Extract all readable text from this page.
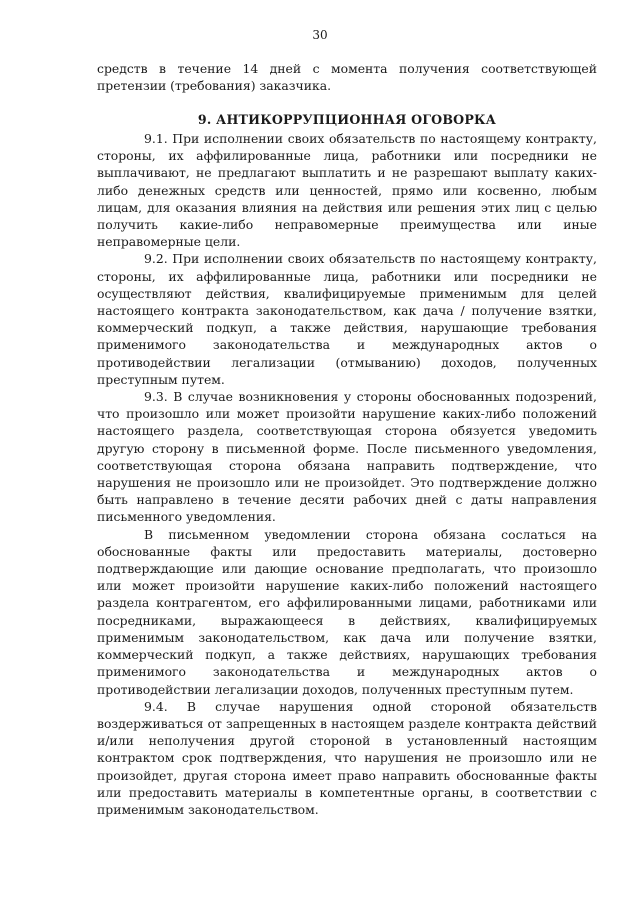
30

средств в течение 14 дней с момента получения соответствующей претензии (требования) заказчика.

9. АНТИКОРРУПЦИОННАЯ ОГОВОРКА

9.1. При исполнении своих обязательств по настоящему контракту, стороны, их аффилированные лица, работники или посредники не выплачивают, не предлагают выплатить и не разрешают выплату каких-либо денежных средств или ценностей, прямо или косвенно, любым лицам, для оказания влияния на действия или решения этих лиц с целью получить какие-либо неправомерные преимущества или иные неправомерные цели.

9.2. При исполнении своих обязательств по настоящему контракту, стороны, их аффилированные лица, работники или посредники не осуществляют действия, квалифицируемые применимым для целей настоящего контракта законодательством, как дача / получение взятки, коммерческий подкуп, а также действия, нарушающие требования применимого законодательства и международных актов о противодействии легализации (отмыванию) доходов, полученных преступным путем.

9.3. В случае возникновения у стороны обоснованных подозрений, что произошло или может произойти нарушение каких-либо положений настоящего раздела, соответствующая сторона обязуется уведомить другую сторону в письменной форме. После письменного уведомления, соответствующая сторона обязана направить подтверждение, что нарушения не произошло или не произойдет. Это подтверждение должно быть направлено в течение десяти рабочих дней с даты направления письменного уведомления.

В письменном уведомлении сторона обязана сослаться на обоснованные факты или предоставить материалы, достоверно подтверждающие или дающие основание предполагать, что произошло или может произойти нарушение каких-либо положений настоящего раздела контрагентом, его аффилированными лицами, работниками или посредниками, выражающееся в действиях, квалифицируемых применимым законодательством, как дача или получение взятки, коммерческий подкуп, а также действиях, нарушающих требования применимого законодательства и международных актов о противодействии легализации доходов, полученных преступным путем.

9.4. В случае нарушения одной стороной обязательств воздерживаться от запрещенных в настоящем разделе контракта действий и/или неполучения другой стороной в установленный настоящим контрактом срок подтверждения, что нарушения не произошло или не произойдет, другая сторона имеет право направить обоснованные факты или предоставить материалы в компетентные органы, в соответствии с применимым законодательством.
